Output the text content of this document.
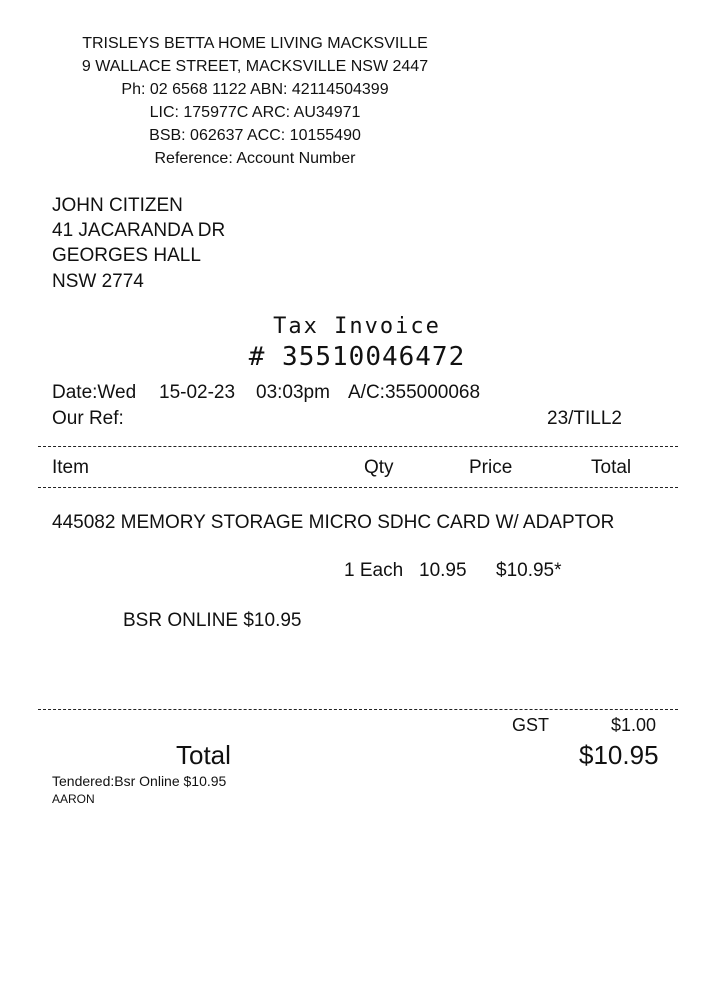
TRISLEYS BETTA HOME LIVING MACKSVILLE
9 WALLACE STREET, MACKSVILLE NSW 2447
Ph: 02 6568 1122 ABN: 42114504399
LIC: 175977C ARC: AU34971
BSB: 062637 ACC: 10155490
Reference: Account Number
JOHN CITIZEN
41 JACARANDA DR
GEORGES HALL
NSW 2774
Tax Invoice
# 35510046472
Date:Wed 15-02-23 03:03pm A/C:355000068
Our Ref:	23/TILL2
Item	Qty	Price	Total
445082 MEMORY STORAGE MICRO SDHC CARD W/ ADAPTOR
1 Each 10.95 $10.95*
BSR ONLINE $10.95
GST	$1.00
Total	$10.95
Tendered:Bsr Online $10.95
AARON
